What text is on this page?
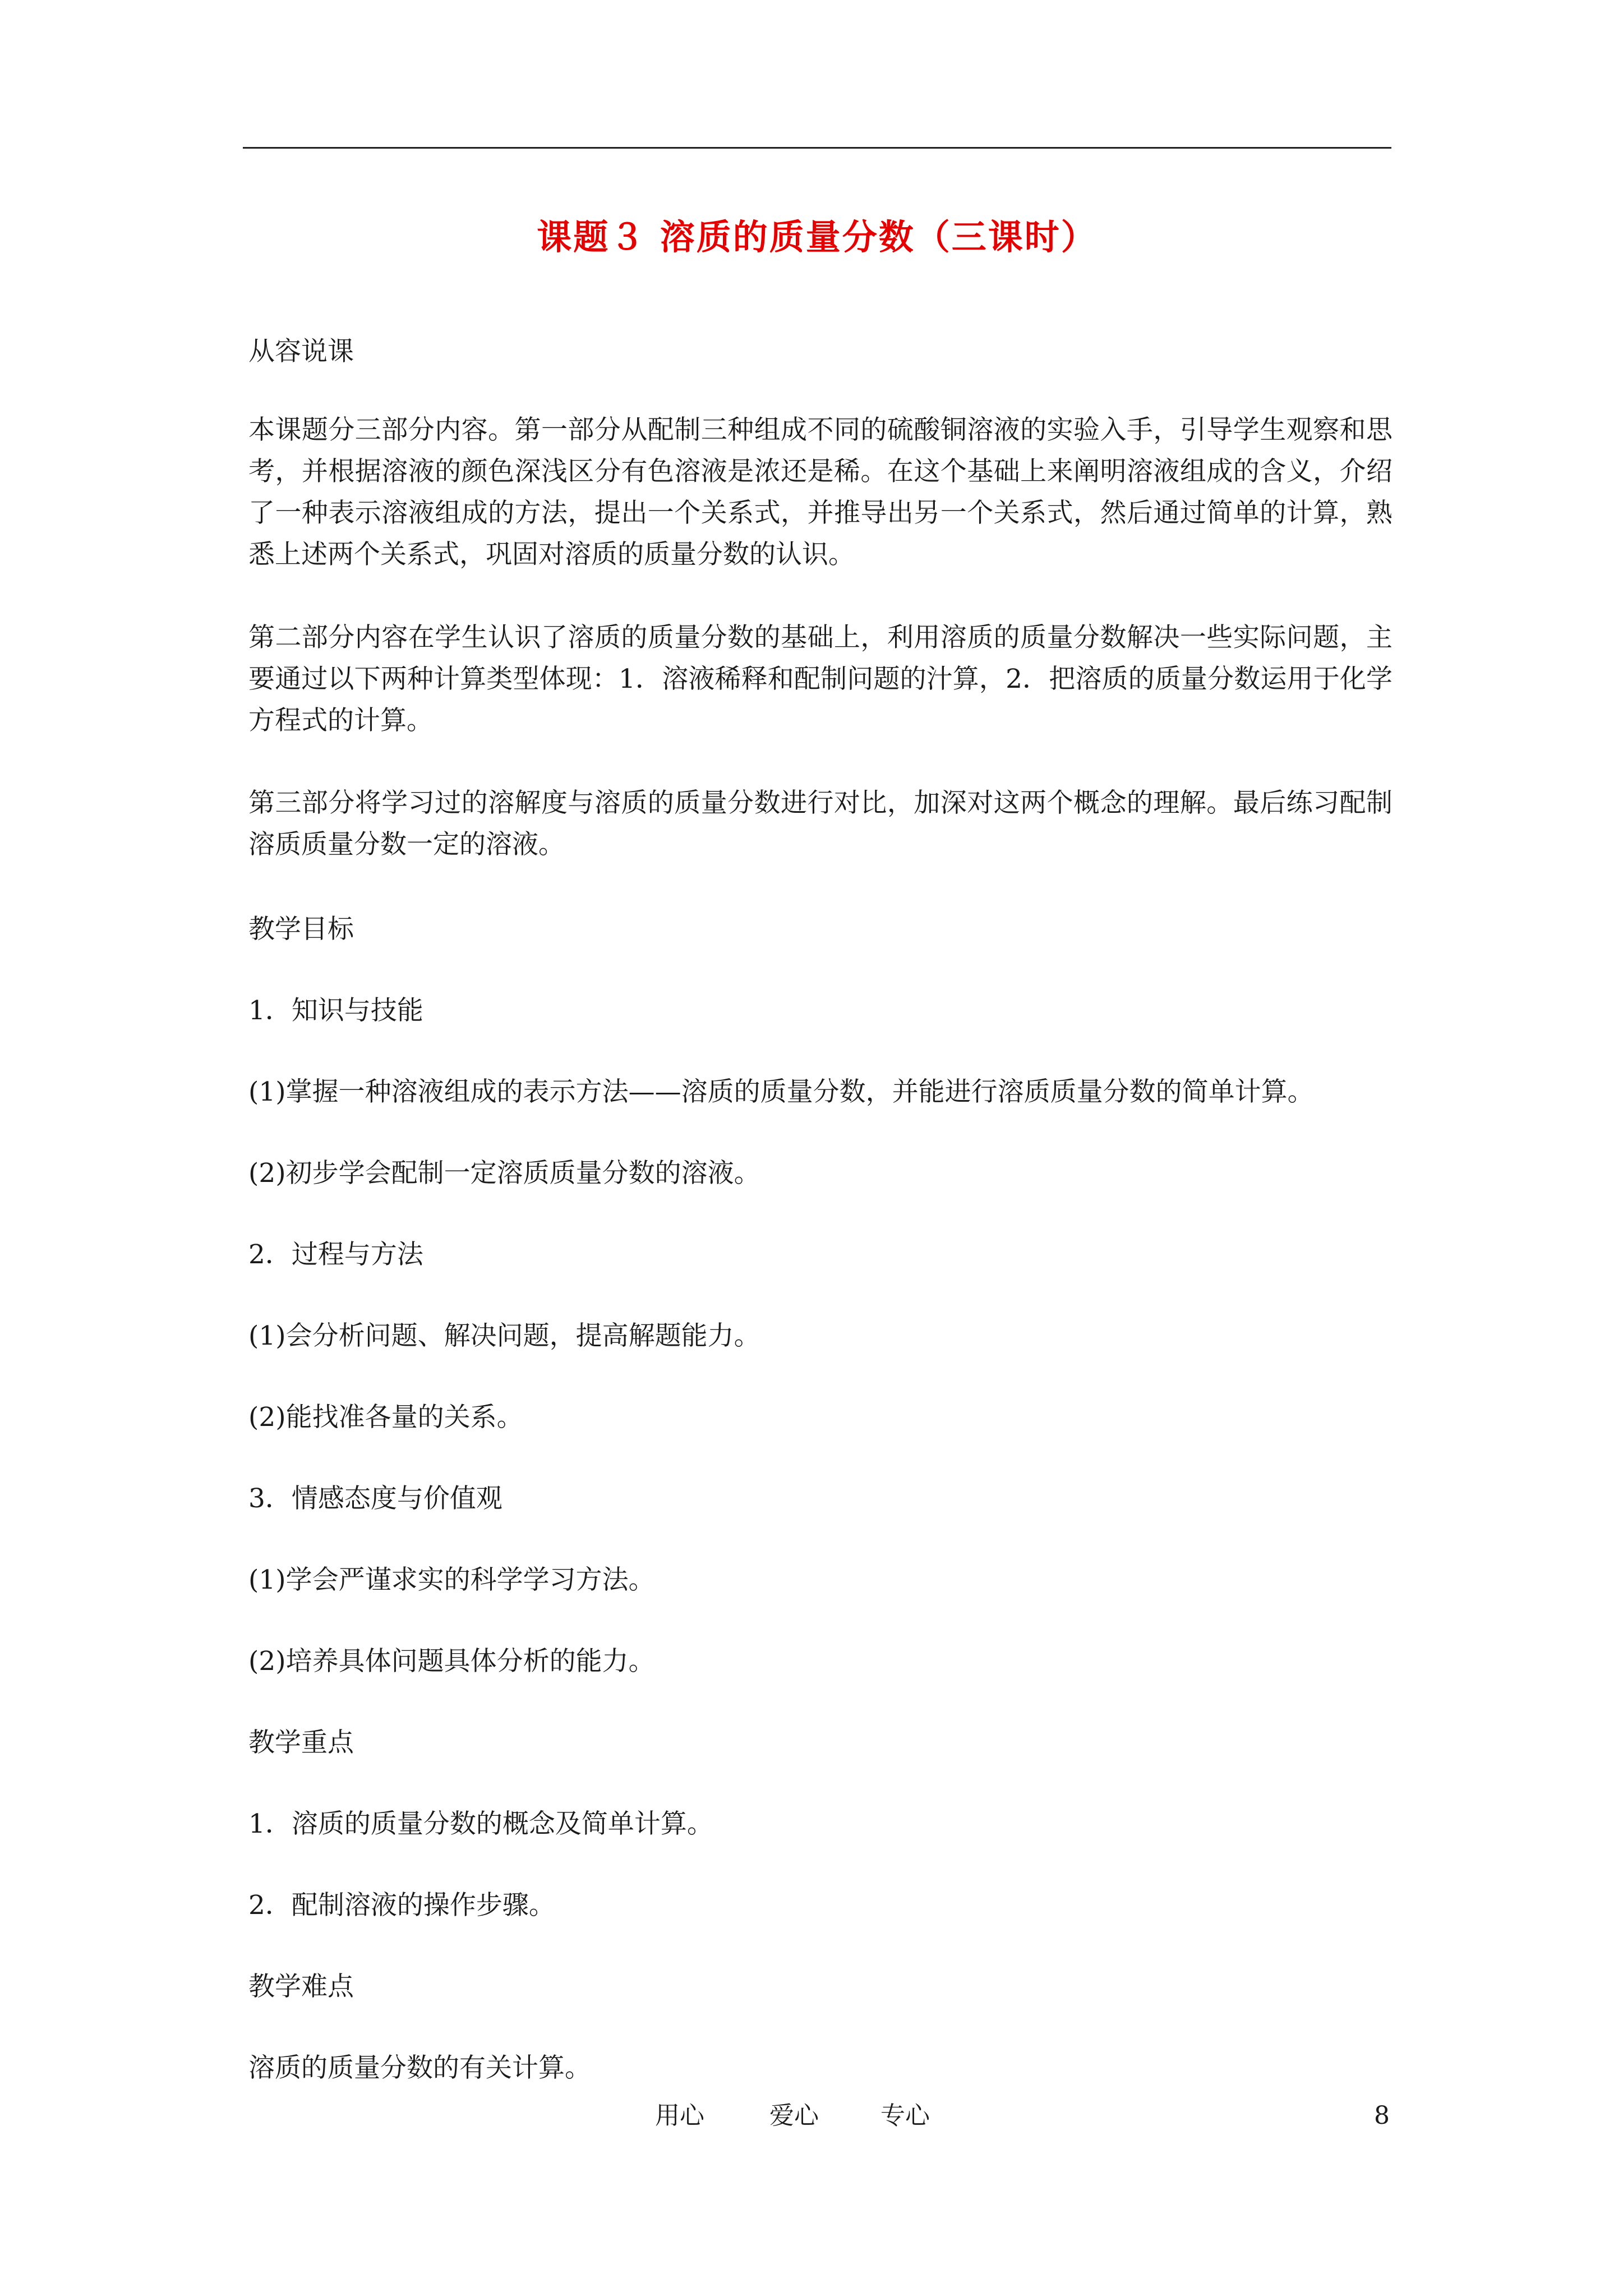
课题３ 溶质的质量分数（三课时）

从容说课

本课题分三部分内容。第一部分从配制三种组成不同的硫酸铜溶液的实验入手，引导学生观察和思考，并根据溶液的颜色深浅区分有色溶液是浓还是稀。在这个基础上来阐明溶液组成的含义，介绍了一种表示溶液组成的方法，提出一个关系式，并推导出另一个关系式，然后通过简单的计算，熟悉上述两个关系式，巩固对溶质的质量分数的认识。

第二部分内容在学生认识了溶质的质量分数的基础上，利用溶质的质量分数解决一些实际问题，主要通过以下两种计算类型体现：1．溶液稀释和配制问题的汁算，2．把溶质的质量分数运用于化学方程式的计算。

第三部分将学习过的溶解度与溶质的质量分数进行对比，加深对这两个概念的理解。最后练习配制溶质质量分数一定的溶液。

教学目标

1．知识与技能

(1)掌握一种溶液组成的表示方法——溶质的质量分数，并能进行溶质质量分数的简单计算。

(2)初步学会配制一定溶质质量分数的溶液。

2．过程与方法

(1)会分析问题、解决问题，提高解题能力。

(2)能找准各量的关系。

3．情感态度与价值观

(1)学会严谨求实的科学学习方法。

(2)培养具体问题具体分析的能力。

教学重点

1．溶质的质量分数的概念及简单计算。

2．配制溶液的操作步骤。

教学难点

溶质的质量分数的有关计算。

用心	爱心	专心	8
